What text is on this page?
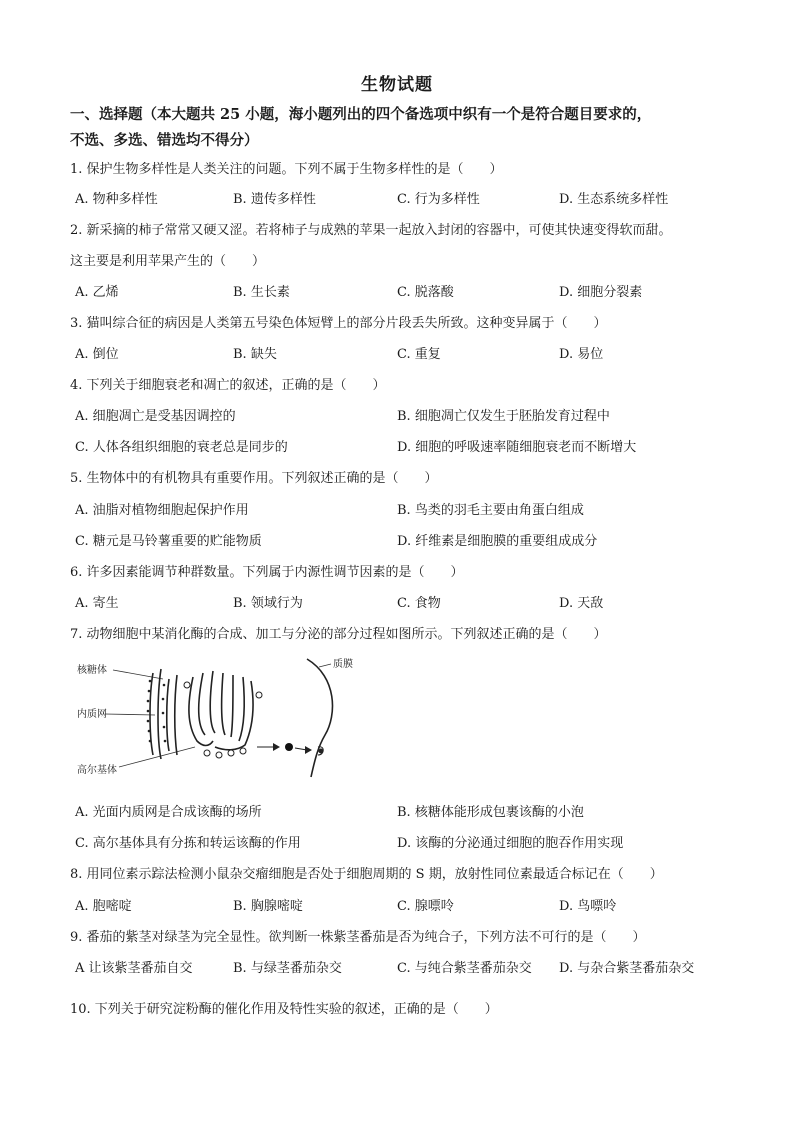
生物试题
一、选择题（本大题共 25 小题，海小题列出的四个备选项中织有一个是符合题目要求的，
不选、多选、错选均不得分）
1. 保护生物多样性是人类关注的问题。下列不属于生物多样性的是（　　）
A. 物种多样性	B. 遗传多样性	C. 行为多样性	D. 生态系统多样性
2. 新采摘的柿子常常又硬又涩。若将柿子与成熟的苹果一起放入封闭的容器中，可使其快速变得软而甜。
这主要是利用苹果产生的（　　）
A. 乙烯	B. 生长素	C. 脱落酸	D. 细胞分裂素
3. 猫叫综合征的病因是人类第五号染色体短臂上的部分片段丢失所致。这种变异属于（　　）
A. 倒位	B. 缺失	C. 重复	D. 易位
4. 下列关于细胞衰老和凋亡的叙述，正确的是（　　）
A. 细胞凋亡是受基因调控的	B. 细胞凋亡仅发生于胚胎发育过程中
C. 人体各组织细胞的衰老总是同步的	D. 细胞的呼吸速率随细胞衰老而不断增大
5. 生物体中的有机物具有重要作用。下列叙述正确的是（　　）
A. 油脂对植物细胞起保护作用	B. 鸟类的羽毛主要由角蛋白组成
C. 糖元是马铃薯重要的贮能物质	D. 纤维素是细胞膜的重要组成成分
6. 许多因素能调节种群数量。下列属于内源性调节因素的是（　　）
A. 寄生	B. 领域行为	C. 食物	D. 天敌
7. 动物细胞中某消化酶的合成、加工与分泌的部分过程如图所示。下列叙述正确的是（　　）
核糖体
内质网
高尔基体
质膜
A. 光面内质网是合成该酶的场所	B. 核糖体能形成包裹该酶的小泡
C. 高尔基体具有分拣和转运该酶的作用	D. 该酶的分泌通过细胞的胞吞作用实现
8. 用同位素示踪法检测小鼠杂交瘤细胞是否处于细胞周期的 S 期，放射性同位素最适合标记在（　　）
A. 胞嘧啶	B. 胸腺嘧啶	C. 腺嘌呤	D. 鸟嘌呤
9. 番茄的紫茎对绿茎为完全显性。欲判断一株紫茎番茄是否为纯合子，下列方法不可行的是（　　）
A 让该紫茎番茄自交	B. 与绿茎番茄杂交	C. 与纯合紫茎番茄杂交 D. 与杂合紫茎番茄杂交
10. 下列关于研究淀粉酶的催化作用及特性实验的叙述，正确的是（　　）
